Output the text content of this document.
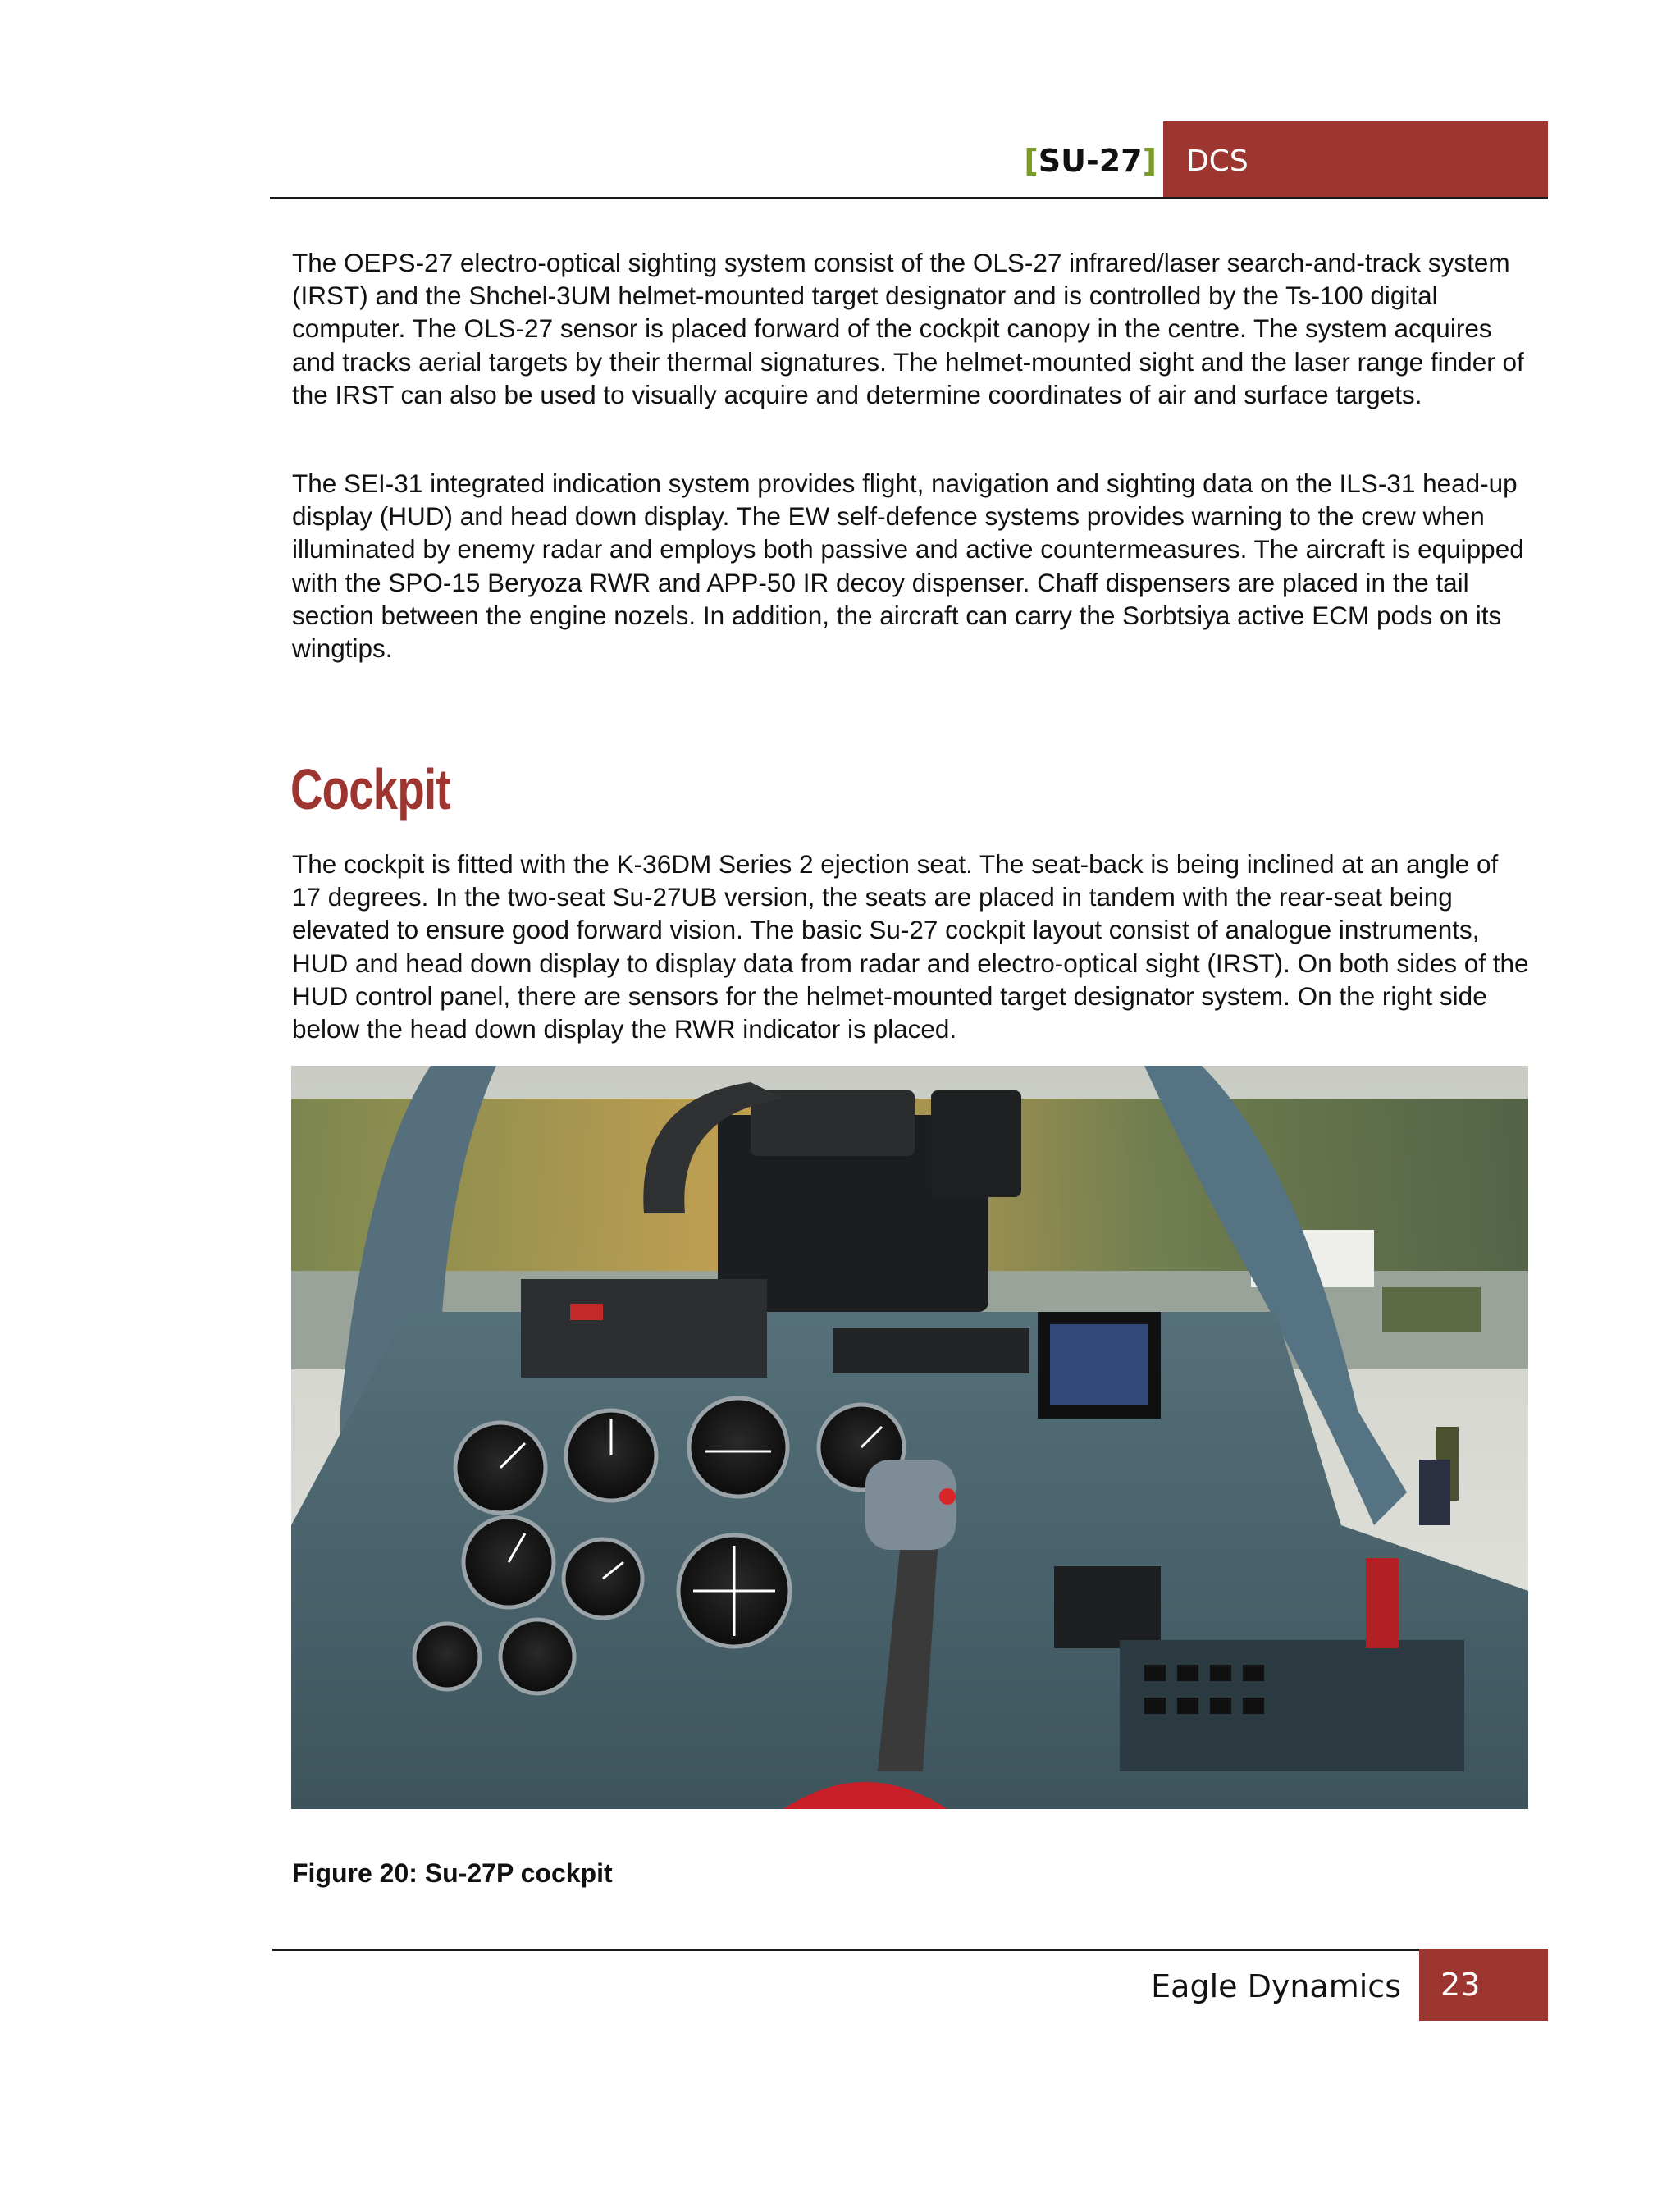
[SU-27] DCS

The OEPS-27 electro-optical sighting system consist of the OLS-27 infrared/laser search-and-track system (IRST) and the Shchel-3UM helmet-mounted target designator and is controlled by the Ts-100 digital computer. The OLS-27 sensor is placed forward of the cockpit canopy in the centre. The system acquires and tracks aerial targets by their thermal signatures. The helmet-mounted sight and the laser range finder of the IRST can also be used to visually acquire and determine coordinates of air and surface targets.

The SEI-31 integrated indication system provides flight, navigation and sighting data on the ILS-31 head-up display (HUD) and head down display. The EW self-defence systems provides warning to the crew when illuminated by enemy radar and employs both passive and active countermeasures. The aircraft is equipped with the SPO-15 Beryoza RWR and APP-50 IR decoy dispenser. Chaff dispensers are placed in the tail section between the engine nozels. In addition, the aircraft can carry the Sorbtsiya active ECM pods on its wingtips.

Cockpit

The cockpit is fitted with the K-36DM Series 2 ejection seat. The seat-back is being inclined at an angle of 17 degrees. In the two-seat Su-27UB version, the seats are placed in tandem with the rear-seat being elevated to ensure good forward vision. The basic Su-27 cockpit layout consist of analogue instruments, HUD and head down display to display data from radar and electro-optical sight (IRST). On both sides of the HUD control panel, there are sensors for the helmet-mounted target designator system. On the right side below the head down display the RWR indicator is placed.

Figure 20: Su-27P cockpit

Eagle Dynamics 23
